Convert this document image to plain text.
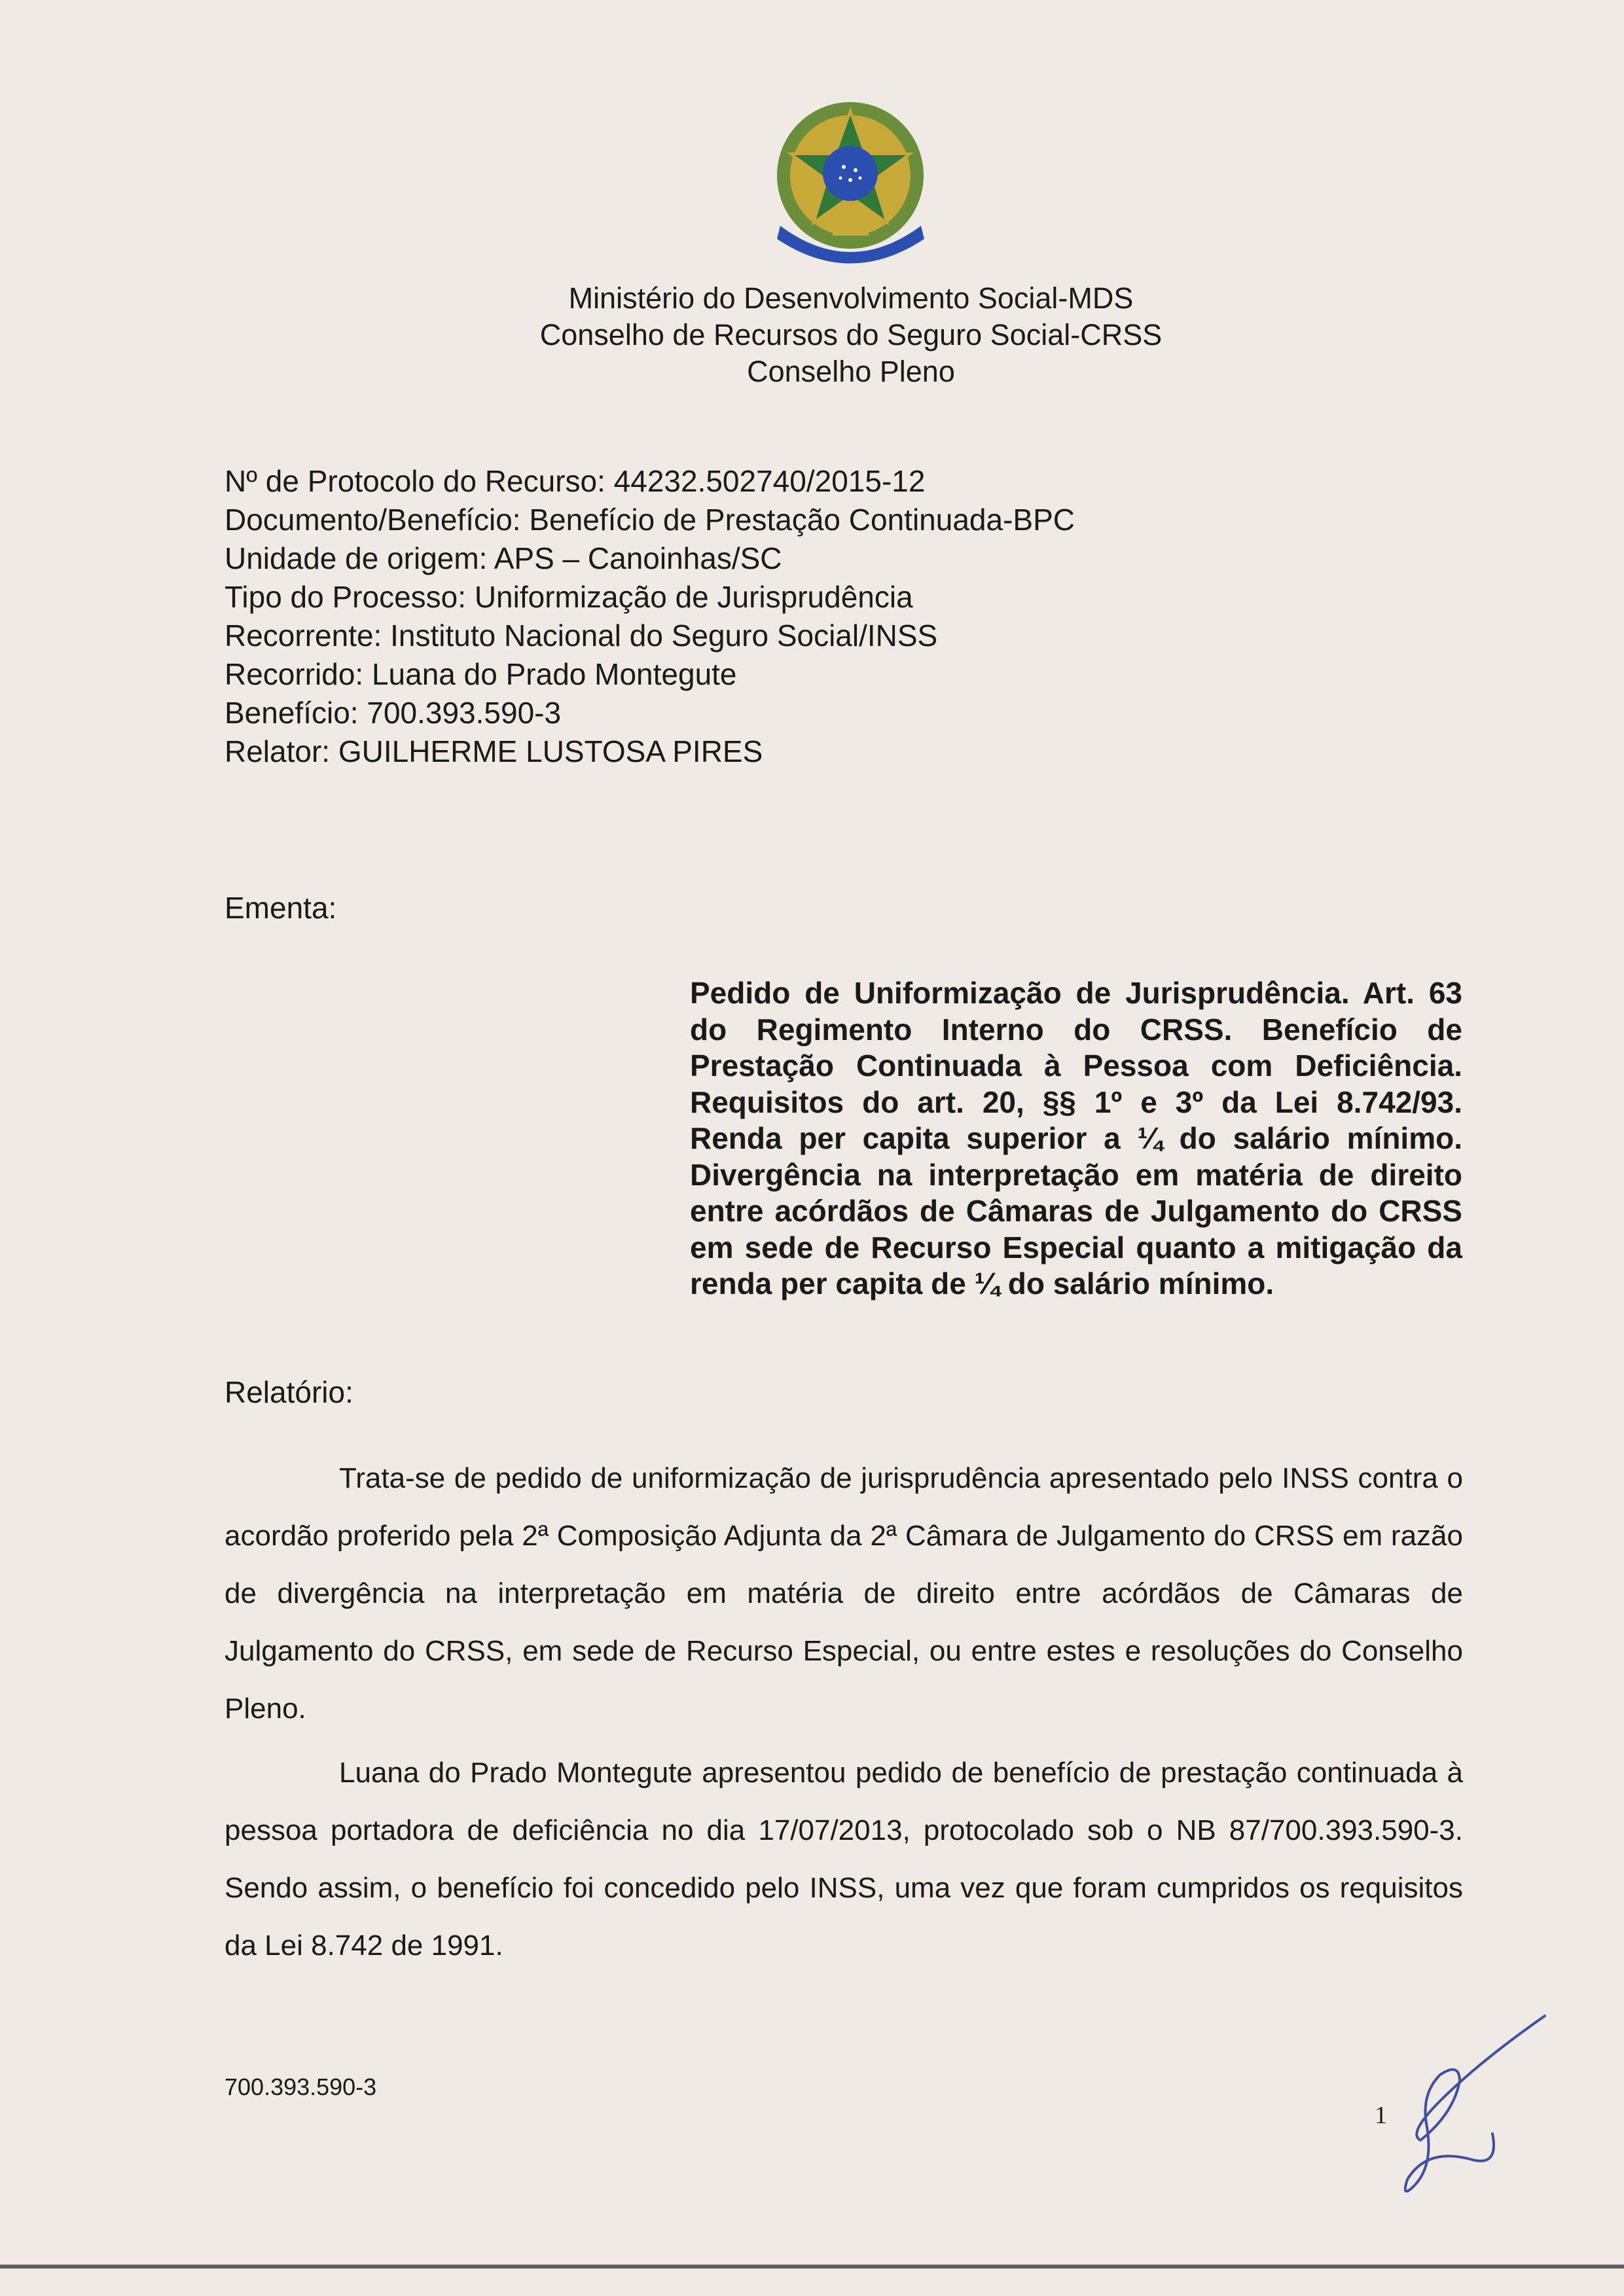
Ministério do Desenvolvimento Social-MDS
Conselho de Recursos do Seguro Social-CRSS
Conselho Pleno
Nº de Protocolo do Recurso: 44232.502740/2015-12
Documento/Benefício: Benefício de Prestação Continuada-BPC
Unidade de origem: APS – Canoinhas/SC
Tipo do Processo: Uniformização de Jurisprudência
Recorrente: Instituto Nacional do Seguro Social/INSS
Recorrido: Luana do Prado Montegute
Benefício: 700.393.590-3
Relator: GUILHERME LUSTOSA PIRES
Ementa:
Pedido de Uniformização de Jurisprudência. Art. 63 do Regimento Interno do CRSS. Benefício de Prestação Continuada à Pessoa com Deficiência. Requisitos do art. 20, §§ 1º e 3º da Lei 8.742/93. Renda per capita superior a ¼ do salário mínimo. Divergência na interpretação em matéria de direito entre acórdãos de Câmaras de Julgamento do CRSS em sede de Recurso Especial quanto a mitigação da renda per capita de ¼ do salário mínimo.
Relatório:
Trata-se de pedido de uniformização de jurisprudência apresentado pelo INSS contra o acordão proferido pela 2ª Composição Adjunta da 2ª Câmara de Julgamento do CRSS em razão de divergência na interpretação em matéria de direito entre acórdãos de Câmaras de Julgamento do CRSS, em sede de Recurso Especial, ou entre estes e resoluções do Conselho Pleno.
Luana do Prado Montegute apresentou pedido de benefício de prestação continuada à pessoa portadora de deficiência no dia 17/07/2013, protocolado sob o NB 87/700.393.590-3. Sendo assim, o benefício foi concedido pelo INSS, uma vez que foram cumpridos os requisitos da Lei 8.742 de 1991.
700.393.590-3
1
